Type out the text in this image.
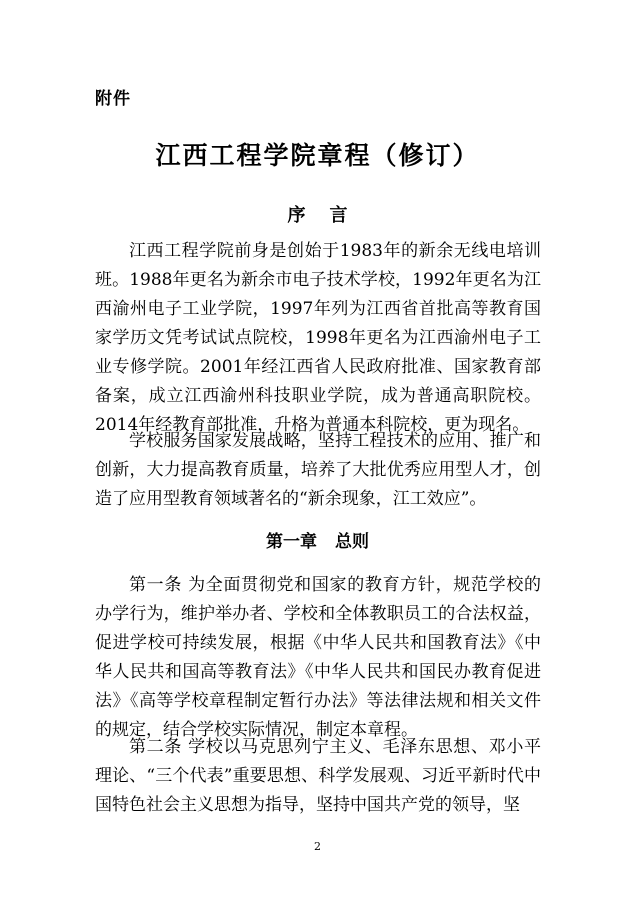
附件
江西工程学院章程（修订）
序 言

江西工程学院前身是创始于1983年的新余无线电培训班。1988年更名为新余市电子技术学校，1992年更名为江西渝州电子工业学院，1997年列为江西省首批高等教育国家学历文凭考试试点院校，1998年更名为江西渝州电子工业专修学院。2001年经江西省人民政府批准、国家教育部备案，成立江西渝州科技职业学院，成为普通高职院校。2014年经教育部批准，升格为普通本科院校，更为现名。

学校服务国家发展战略，坚持工程技术的应用、推广和创新，大力提高教育质量，培养了大批优秀应用型人才，创造了应用型教育领域著名的“新余现象，江工效应”。

第一章 总则

第一条 为全面贯彻党和国家的教育方针，规范学校的办学行为，维护举办者、学校和全体教职员工的合法权益，促进学校可持续发展，根据《中华人民共和国教育法》《中华人民共和国高等教育法》《中华人民共和国民办教育促进法》《高等学校章程制定暂行办法》等法律法规和相关文件的规定，结合学校实际情况，制定本章程。

第二条 学校以马克思列宁主义、毛泽东思想、邓小平理论、“三个代表”重要思想、科学发展观、习近平新时代中国特色社会主义思想为指导，坚持中国共产党的领导，坚

2
